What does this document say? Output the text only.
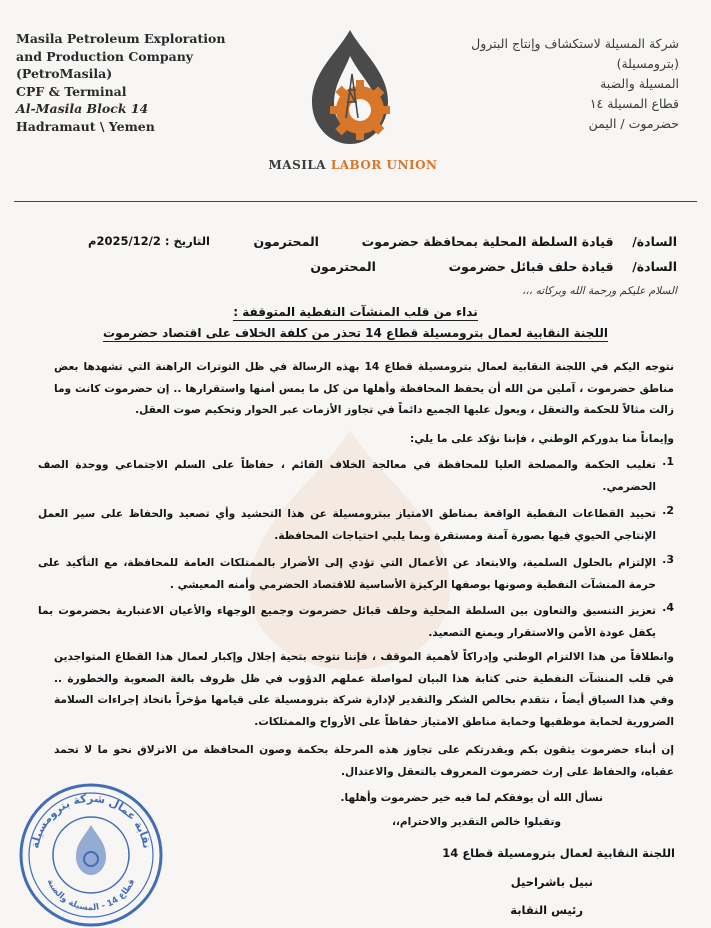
Masila Petroleum Exploration
and Production Company
(PetroMasila)
CPF & Terminal
Al-Masila Block 14
Hadramaut \ Yemen
شركة المسيلة لاستكشاف وإنتاج البترول
(بترومسيلة)
المسيلة والضبة
قطاع المسيلة ١٤
حضرموت / اليمن
MASILA LABOR UNION
التاريخ : 2025/12/2م	السادة/  قيادة السلطة المحلية بمحافظة حضرموت  المحترمون
السادة/  قيادة حلف قبائل حضرموت  المحترمون
السلام عليكم ورحمة الله وبركاته ،،،
نداء من قلب المنشآت النفطية المتوقفة :
اللجنة النقابية لعمال بترومسيلة قطاع 14 تحذر من كلفة الخلاف على اقتصاد حضرموت
نتوجه اليكم في اللجنة النقابية لعمال بترومسيلة قطاع 14 بهذه الرسالة في ظل التوترات الراهنة التي تشهدها بعض مناطق حضرموت ، آملين من الله أن يحفظ المحافظة وأهلها من كل ما يمس أمنها واستقرارها .. إن حضرموت كانت وما زالت مثالاً للحكمة والتعقل ، ويعول عليها الجميع دائماً في تجاوز الأزمات عبر الحوار وتحكيم صوت العقل.
وإيماناً منا بدوركم الوطني ، فإننا نؤكد على ما يلي:
1.
تغليب الحكمة والمصلحة العليا للمحافظة في معالجة الخلاف القائم ، حفاظاً على السلم الاجتماعي ووحدة الصف الحضرمي.
2.
تحييد القطاعات النفطية الواقعة بمناطق الامتياز ببترومسيلة عن هذا التحشيد وأي تصعيد والحفاظ على سير العمل الإنتاجي الحيوي فيها بصورة آمنة ومستقرة وبما يلبي احتياجات المحافظة.
3.
الإلتزام بالحلول السلمية، والابتعاد عن الأعمال التي تؤدي إلى الأضرار بالممتلكات العامة للمحافظة، مع التأكيد على حرمة المنشآت النفطية وصونها بوصفها الركيزة الأساسية للاقتصاد الحضرمي وأمنه المعيشي .
4.
تعزيز التنسيق والتعاون بين السلطة المحلية وحلف قبائل حضرموت وجميع الوجهاء والأعيان الاعتبارية بحضرموت بما يكفل عودة الأمن والاستقرار ويمنع التصعيد.
وانطلاقاً من هذا الالتزام الوطني وإدراكاً لأهمية الموقف ، فإننا نتوجه بتحية إجلال وإكبار لعمال هذا القطاع المتواجدين في قلب المنشآت النفطية حتى كتابة هذا البيان لمواصلة عملهم الدؤوب في ظل ظروف بالغة الصعوبة والخطورة .. وفي هذا السياق أيضاً ، نتقدم بخالص الشكر والتقدير لإدارة شركة بترومسيلة على قيامها مؤخراً باتخاذ إجراءات السلامة الضرورية لحماية موظفيها وحماية مناطق الامتياز حفاظاً على الأرواح والممتلكات.
إن أبناء حضرموت يثقون بكم ويقدرتكم على تجاوز هذه المرحلة بحكمة وصون المحافظة من الانزلاق نحو ما لا تحمد عقباه، والحفاظ على إرث حضرموت المعروف بالتعقل والاعتدال.
نسأل الله أن يوفقكم لما فيه خير حضرموت وأهلها.
وتقبلوا خالص التقدير والاحترام،،
اللجنة النقابية لعمال بترومسيلة قطاع 14
نبيل باشراحيل
رئيس النقابة
نقابة عمال شركة بترومسيلة
قطاع 14 - المسيلة والضبة
